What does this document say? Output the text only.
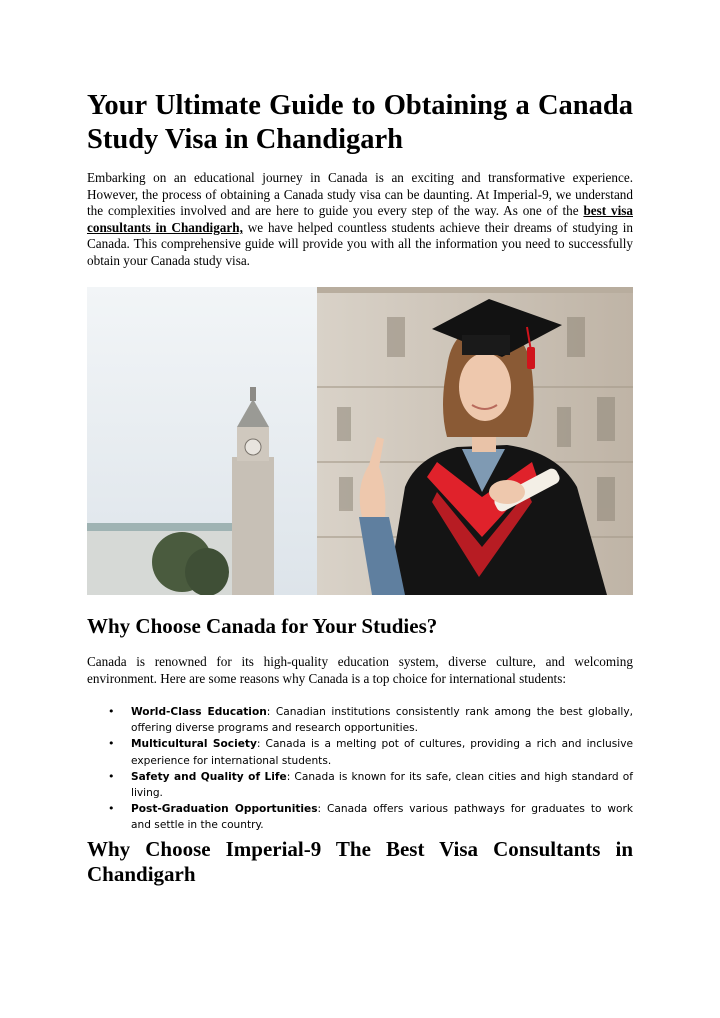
Your Ultimate Guide to Obtaining a Canada Study Visa in Chandigarh

Embarking on an educational journey in Canada is an exciting and transformative experience. However, the process of obtaining a Canada study visa can be daunting. At Imperial-9, we understand the complexities involved and are here to guide you every step of the way. As one of the best visa consultants in Chandigarh, we have helped countless students achieve their dreams of studying in Canada. This comprehensive guide will provide you with all the information you need to successfully obtain your Canada study visa.

Why Choose Canada for Your Studies?

Canada is renowned for its high-quality education system, diverse culture, and welcoming environment. Here are some reasons why Canada is a top choice for international students:

• World-Class Education: Canadian institutions consistently rank among the best globally, offering diverse programs and research opportunities.
• Multicultural Society: Canada is a melting pot of cultures, providing a rich and inclusive experience for international students.
• Safety and Quality of Life: Canada is known for its safe, clean cities and high standard of living.
• Post-Graduation Opportunities: Canada offers various pathways for graduates to work and settle in the country.
Why Choose Imperial-9 The Best Visa Consultants in Chandigarh
